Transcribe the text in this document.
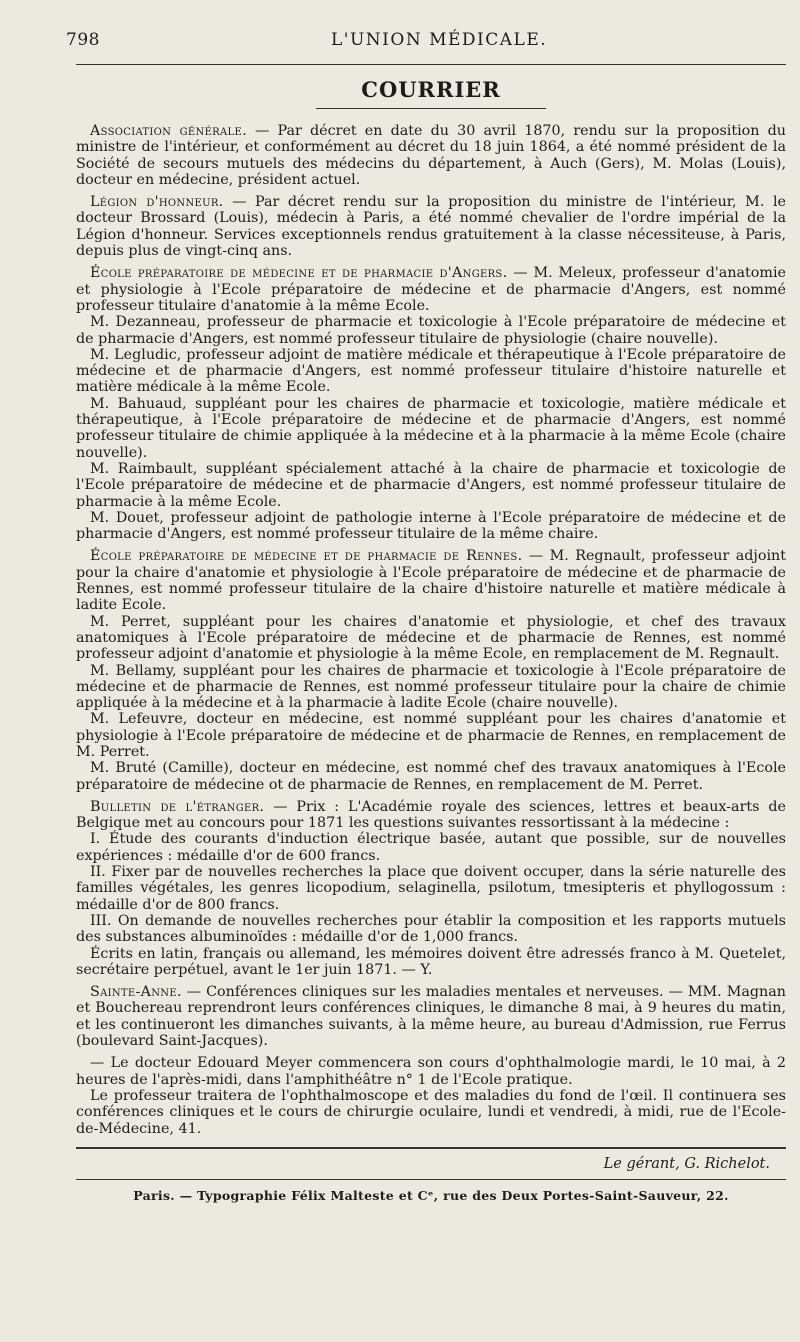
798	L'UNION MÉDICALE.
COURRIER

Association générale. — Par décret en date du 30 avril 1870, rendu sur la proposition du ministre de l'intérieur, et conformément au décret du 18 juin 1864, a été nommé président de la Société de secours mutuels des médecins du département, à Auch (Gers), M. Molas (Louis), docteur en médecine, président actuel.

Légion d'honneur. — Par décret rendu sur la proposition du ministre de l'intérieur, M. le docteur Brossard (Louis), médecin à Paris, a été nommé chevalier de l'ordre impérial de la Légion d'honneur. Services exceptionnels rendus gratuitement à la classe nécessiteuse, à Paris, depuis plus de vingt-cinq ans.

École préparatoire de médecine et de pharmacie d'Angers. — M. Meleux, professeur d'anatomie et physiologie à l'Ecole préparatoire de médecine et de pharmacie d'Angers, est nommé professeur titulaire d'anatomie à la même Ecole.

M. Dezanneau, professeur de pharmacie et toxicologie à l'Ecole préparatoire de médecine et de pharmacie d'Angers, est nommé professeur titulaire de physiologie (chaire nouvelle).

M. Legludic, professeur adjoint de matière médicale et thérapeutique à l'Ecole préparatoire de médecine et de pharmacie d'Angers, est nommé professeur titulaire d'histoire naturelle et matière médicale à la même Ecole.

M. Bahuaud, suppléant pour les chaires de pharmacie et toxicologie, matière médicale et thérapeutique, à l'Ecole préparatoire de médecine et de pharmacie d'Angers, est nommé professeur titulaire de chimie appliquée à la médecine et à la pharmacie à la même Ecole (chaire nouvelle).

M. Raimbault, suppléant spécialement attaché à la chaire de pharmacie et toxicologie de l'Ecole préparatoire de médecine et de pharmacie d'Angers, est nommé professeur titulaire de pharmacie à la même Ecole.

M. Douet, professeur adjoint de pathologie interne à l'Ecole préparatoire de médecine et de pharmacie d'Angers, est nommé professeur titulaire de la même chaire.

École préparatoire de médecine et de pharmacie de Rennes. — M. Regnault, professeur adjoint pour la chaire d'anatomie et physiologie à l'Ecole préparatoire de médecine et de pharmacie de Rennes, est nommé professeur titulaire de la chaire d'histoire naturelle et matière médicale à ladite Ecole.

M. Perret, suppléant pour les chaires d'anatomie et physiologie, et chef des travaux anatomiques à l'Ecole préparatoire de médecine et de pharmacie de Rennes, est nommé professeur adjoint d'anatomie et physiologie à la même Ecole, en remplacement de M. Regnault.

M. Bellamy, suppléant pour les chaires de pharmacie et toxicologie à l'Ecole préparatoire de médecine et de pharmacie de Rennes, est nommé professeur titulaire pour la chaire de chimie appliquée à la médecine et à la pharmacie à ladite Ecole (chaire nouvelle).

M. Lefeuvre, docteur en médecine, est nommé suppléant pour les chaires d'anatomie et physiologie à l'Ecole préparatoire de médecine et de pharmacie de Rennes, en remplacement de M. Perret.

M. Bruté (Camille), docteur en médecine, est nommé chef des travaux anatomiques à l'Ecole préparatoire de médecine ot de pharmacie de Rennes, en remplacement de M. Perret.

Bulletin de l'étranger. — Prix : L'Académie royale des sciences, lettres et beaux-arts de Belgique met au concours pour 1871 les questions suivantes ressortissant à la médecine :

I. Étude des courants d'induction électrique basée, autant que possible, sur de nouvelles expériences : médaille d'or de 600 francs.

II. Fixer par de nouvelles recherches la place que doivent occuper, dans la série naturelle des familles végétales, les genres licopodium, selaginella, psilotum, tmesipteris et phyllogossum : médaille d'or de 800 francs.

III. On demande de nouvelles recherches pour établir la composition et les rapports mutuels des substances albuminoïdes : médaille d'or de 1,000 francs.

Écrits en latin, français ou allemand, les mémoires doivent être adressés franco à M. Quetelet, secrétaire perpétuel, avant le 1er juin 1871. — Y.

Sainte-Anne. — Conférences cliniques sur les maladies mentales et nerveuses. — MM. Magnan et Bouchereau reprendront leurs conférences cliniques, le dimanche 8 mai, à 9 heures du matin, et les continueront les dimanches suivants, à la même heure, au bureau d'Admission, rue Ferrus (boulevard Saint-Jacques).

— Le docteur Edouard Meyer commencera son cours d'ophthalmologie mardi, le 10 mai, à 2 heures de l'après-midi, dans l'amphithéâtre n° 1 de l'Ecole pratique.

Le professeur traitera de l'ophthalmoscope et des maladies du fond de l'œil. Il continuera ses conférences cliniques et le cours de chirurgie oculaire, lundi et vendredi, à midi, rue de l'Ecole-de-Médecine, 41.

Le gérant, G. Richelot.
Paris. — Typographie Félix Malteste et Cᵉ, rue des Deux Portes-Saint-Sauveur, 22.
